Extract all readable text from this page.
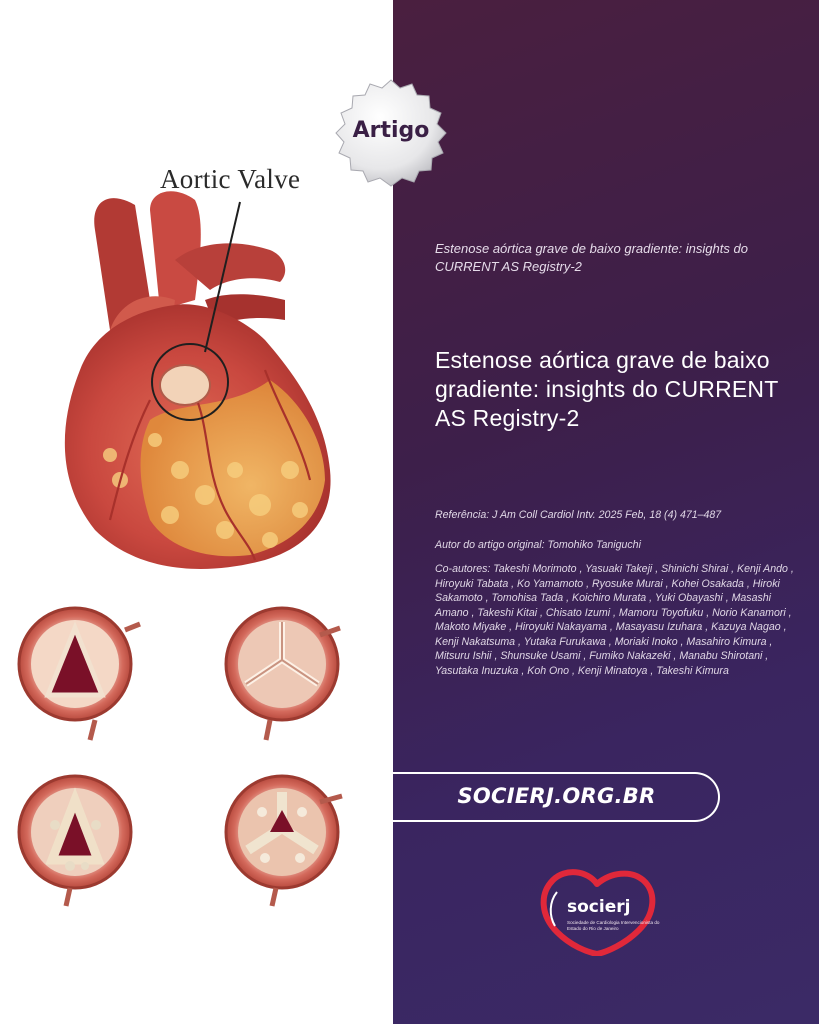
Aortic Valve
Artigo
Estenose aórtica grave de baixo gradiente: insights do CURRENT AS Registry-2
Estenose aórtica grave de baixo gradiente: insights do CURRENT AS Registry-2
Referência: J Am Coll Cardiol Intv. 2025 Feb, 18 (4) 471–487
Autor do artigo original: Tomohiko Taniguchi
Co-autores: Takeshi Morimoto , Yasuaki Takeji , Shinichi Shirai , Kenji Ando , Hiroyuki Tabata , Ko Yamamoto , Ryosuke Murai , Kohei Osakada , Hiroki Sakamoto , Tomohisa Tada , Koichiro Murata , Yuki Obayashi , Masashi Amano , Takeshi Kitai , Chisato Izumi , Mamoru Toyofuku , Norio Kanamori , Makoto Miyake , Hiroyuki Nakayama , Masayasu Izuhara , Kazuya Nagao , Kenji Nakatsuma , Yutaka Furukawa , Moriaki Inoko , Masahiro Kimura , Mitsuru Ishii , Shunsuke Usami , Fumiko Nakazeki , Manabu Shirotani , Yasutaka Inuzuka , Koh Ono , Kenji Minatoya , Takeshi Kimura
SOCIERJ.ORG.BR
socierj
Sociedade de Cardiologia Intervencionista do Estado do Rio de Janeiro
